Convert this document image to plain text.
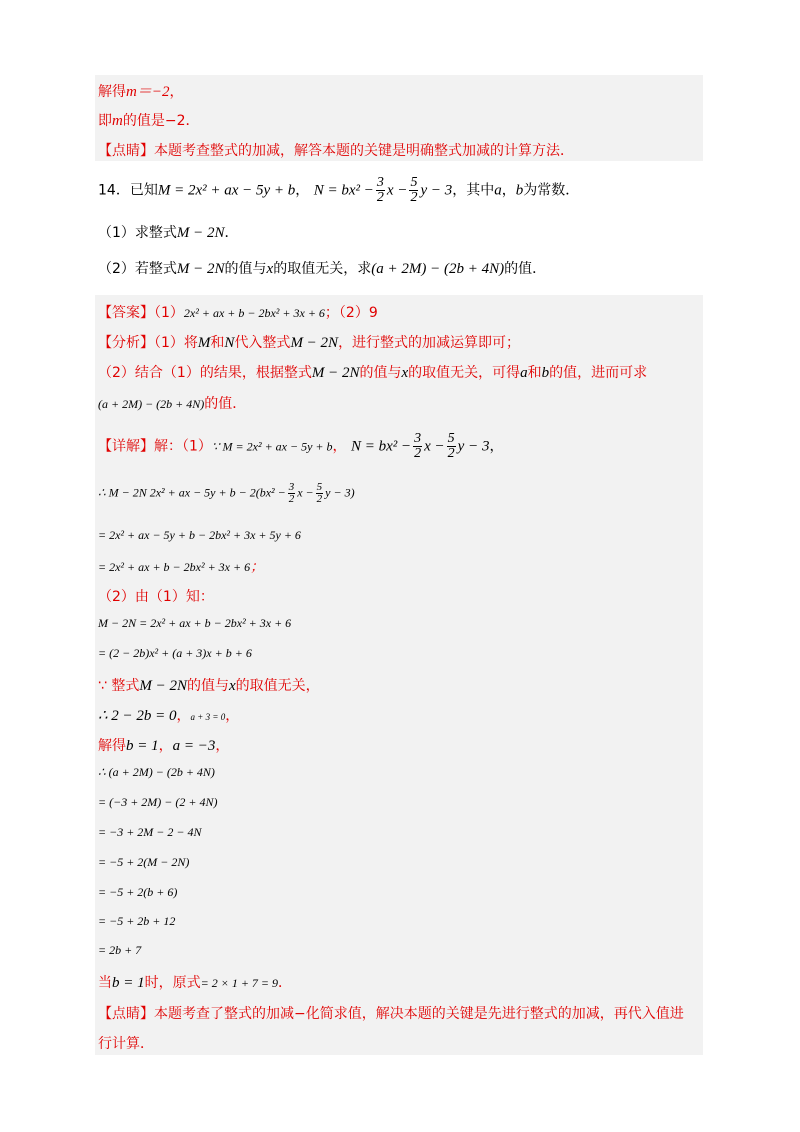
解得m＝−2，
即m的值是−2．
【点睛】本题考查整式的加减，解答本题的关键是明确整式加减的计算方法．
14．已知M = 2x² + ax − 5y + b， $N = bx^2 - \frac{3}{2}$ $x - \frac{5}{2}$ y − 3，其中a，b为常数．
（1）求整式M − 2N．
（2）若整式M − 2N的值与x的取值无关，求(a + 2M) − (2b + 4N)的值．
【答案】（1）2x² + ax + b − 2bx² + 3x + 6；（2）9
【分析】（1）将M和N代入整式M − 2N，进行整式的加减运算即可；
（2）结合（1）的结果，根据整式M − 2N的值与x的取值无关，可得a和b的值，进而可求
(a + 2M) − (2b + 4N)的值．
【详解】解：（1）∵ M = 2x² + ax − 5y + b， $N = bx^2 - \frac{3}{2}$ $x - \frac{5}{2}$ y − 3，
∴ M − 2N 2x² + ax − $5y + b - 2(bx^2 - \frac{3}{2}$ $x - \frac{5}{2}$ y − 3)
= 2x² + ax − 5y + b − 2bx² + 3x + 5y + 6
= 2x² + ax + b − 2bx² + 3x + 6；
（2）由（1）知：
M − 2N = 2x² + ax + b − 2bx² + 3x + 6
= (2 − 2b)x² + (a + 3)x + b + 6
∵ 整式M − 2N的值与x的取值无关，
∴ 2 − 2b = 0，a + 3 = 0，
解得b = 1，a = −3，
∴ (a + 2M) − (2b + 4N)
= (−3 + 2M) − (2 + 4N)
= −3 + 2M − 2 − 4N
= −5 + 2(M − 2N)
= −5 + 2(b + 6)
= −5 + 2b + 12
= 2b + 7
当b = 1时，原式= 2 × 1 + 7 = 9．
【点睛】本题考查了整式的加减−化简求值，解决本题的关键是先进行整式的加减，再代入值进
行计算．
